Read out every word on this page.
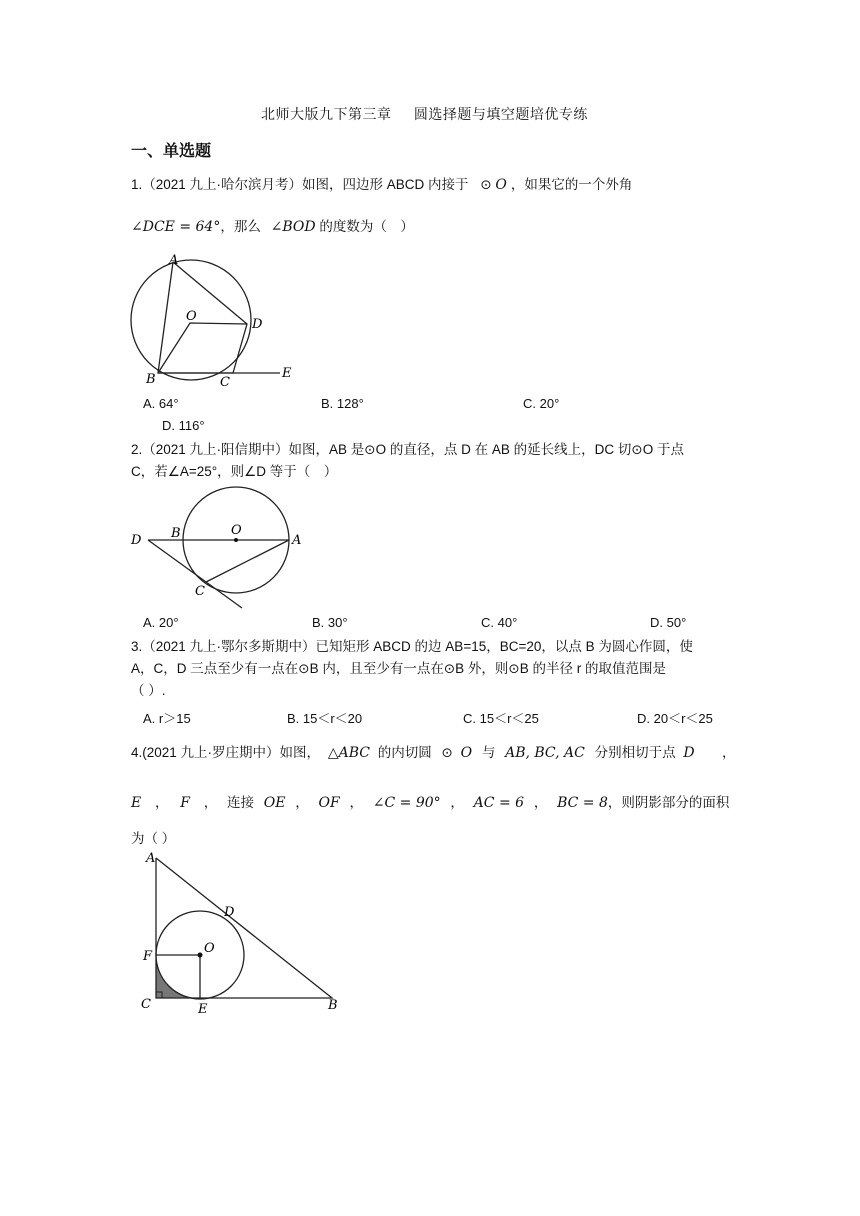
北师大版九下第三章 圆选择题与填空题培优专练
一、单选题
1.（2021 九上·哈尔滨月考）如图，四边形 ABCD 内接于 ⊙ O ，如果它的一个外角
∠DCE = 64°，那么 ∠BOD 的度数为（　）
A
O
D
B	C
E
A. 64°	B. 128°	C. 20°
D. 116°
2.（2021 九上·阳信期中）如图，AB 是⊙O 的直径，点 D 在 AB 的延长线上，DC 切⊙O 于点
C，若∠A=25°，则∠D 等于（　）
D B	O
A
C
A. 20°	B. 30°	C. 40°	D. 50°
3.（2021 九上·鄂尔多斯期中）已知矩形 ABCD 的边 AB=15，BC=20，以点 B 为圆心作圆，使
A，C，D 三点至少有一点在⊙B 内，且至少有一点在⊙B 外，则⊙B 的半径 r 的取值范围是
（ ）.
A. r＞15	B. 15＜r＜20	C. 15＜r＜25	D. 20＜r＜25
4.(2021 九上·罗庄期中）如图， △ABC 的内切圆 ⊙ O 与 AB, BC, AC 分别相切于点 D ，
E ， F ， 连接 OE ， OF ， ∠C = 90° ， AC = 6 ， BC = 8，则阴影部分的面积
为（ ）
A
D
F
O
C	E	B
